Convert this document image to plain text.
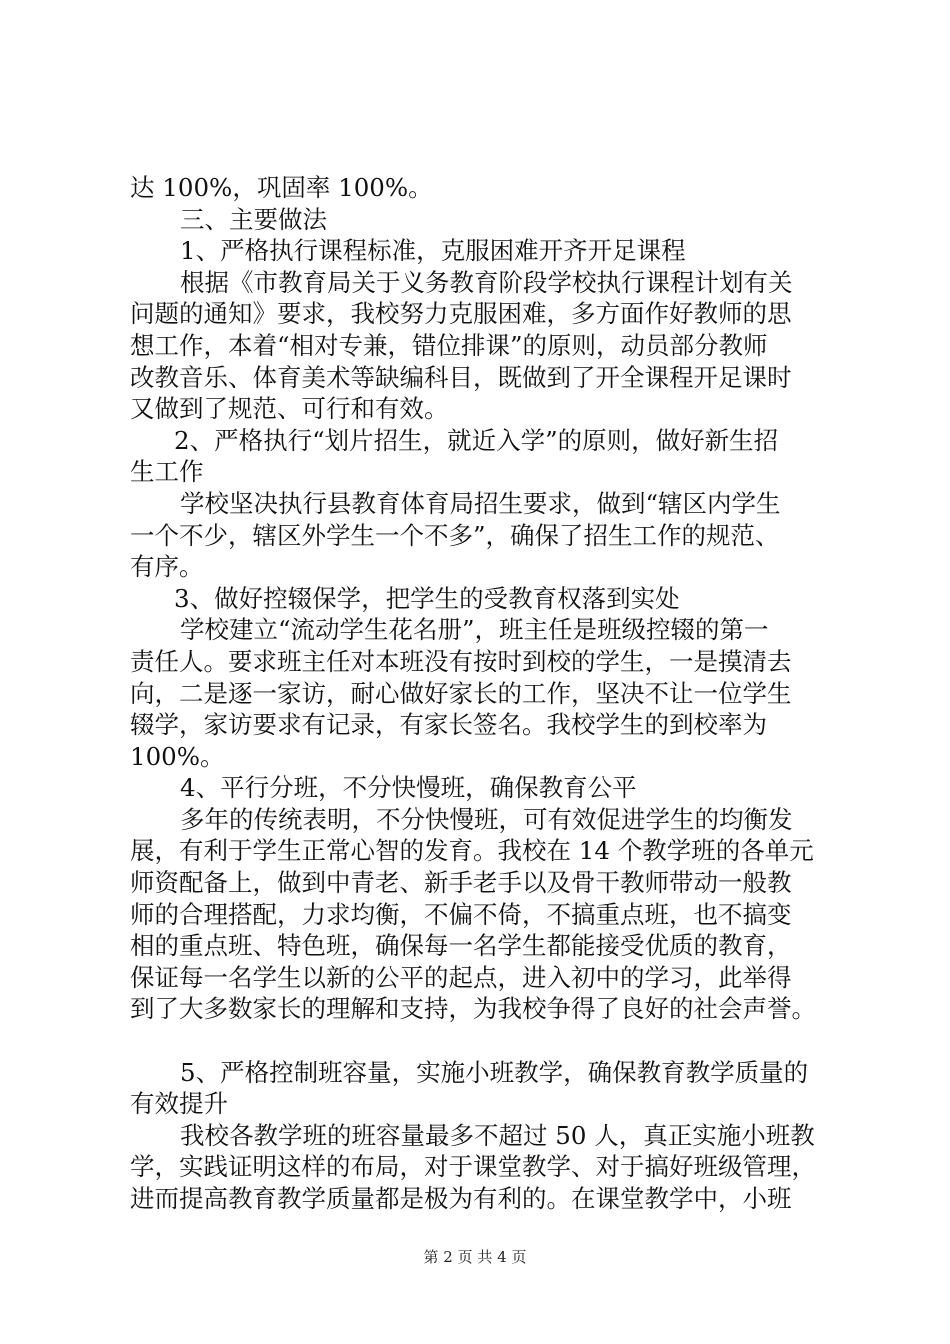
达 100%，巩固率 100%。
三、主要做法
1、严格执行课程标准，克服困难开齐开足课程
根据《市教育局关于义务教育阶段学校执行课程计划有关
问题的通知》要求，我校努力克服困难，多方面作好教师的思
想工作，本着“相对专兼，错位排课”的原则，动员部分教师
改教音乐、体育美术等缺编科目，既做到了开全课程开足课时
又做到了规范、可行和有效。
2、严格执行“划片招生，就近入学”的原则，做好新生招
生工作
学校坚决执行县教育体育局招生要求，做到“辖区内学生
一个不少，辖区外学生一个不多”，确保了招生工作的规范、
有序。
3、做好控辍保学，把学生的受教育权落到实处
学校建立“流动学生花名册”，班主任是班级控辍的第一
责任人。要求班主任对本班没有按时到校的学生，一是摸清去
向，二是逐一家访，耐心做好家长的工作，坚决不让一位学生
辍学，家访要求有记录，有家长签名。我校学生的到校率为
100%。
4、平行分班，不分快慢班，确保教育公平
多年的传统表明，不分快慢班，可有效促进学生的均衡发
展，有利于学生正常心智的发育。我校在 14 个教学班的各单元
师资配备上，做到中青老、新手老手以及骨干教师带动一般教
师的合理搭配，力求均衡，不偏不倚，不搞重点班，也不搞变
相的重点班、特色班，确保每一名学生都能接受优质的教育，
保证每一名学生以新的公平的起点，进入初中的学习，此举得
到了大多数家长的理解和支持，为我校争得了良好的社会声誉。
5、严格控制班容量，实施小班教学，确保教育教学质量的
有效提升
我校各教学班的班容量最多不超过 50 人，真正实施小班教
学，实践证明这样的布局，对于课堂教学、对于搞好班级管理，
进而提高教育教学质量都是极为有利的。在课堂教学中，小班
第 2 页 共 4 页
